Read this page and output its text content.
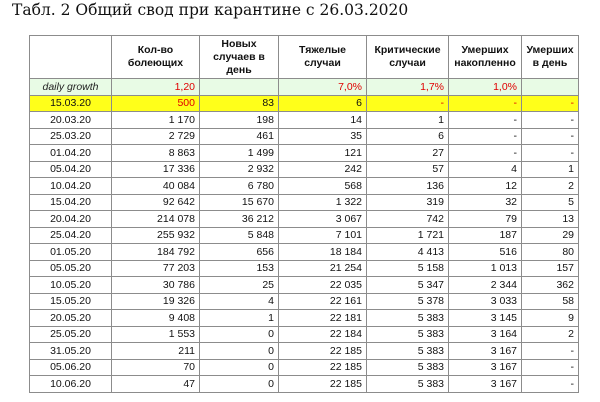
Табл. 2 Общий свод при карантине с 26.03.2020
	Кол-во болеющих	Новых случаев в день	Тяжелые случаи	Критические случаи	Умерших накопленно	Умерших в день
daily growth	1,20		7,0%	1,7%	1,0%	
15.03.20	500	83	6	-	-	-
20.03.20	1 170	198	14	1	-	-
25.03.20	2 729	461	35	6	-	-
01.04.20	8 863	1 499	121	27	-	-
05.04.20	17 336	2 932	242	57	4	1
10.04.20	40 084	6 780	568	136	12	2
15.04.20	92 642	15 670	1 322	319	32	5
20.04.20	214 078	36 212	3 067	742	79	13
25.04.20	255 932	5 848	7 101	1 721	187	29
01.05.20	184 792	656	18 184	4 413	516	80
05.05.20	77 203	153	21 254	5 158	1 013	157
10.05.20	30 786	25	22 035	5 347	2 344	362
15.05.20	19 326	4	22 161	5 378	3 033	58
20.05.20	9 408	1	22 181	5 383	3 145	9
25.05.20	1 553	0	22 184	5 383	3 164	2
31.05.20	211	0	22 185	5 383	3 167	-
05.06.20	70	0	22 185	5 383	3 167	-
10.06.20	47	0	22 185	5 383	3 167	-
